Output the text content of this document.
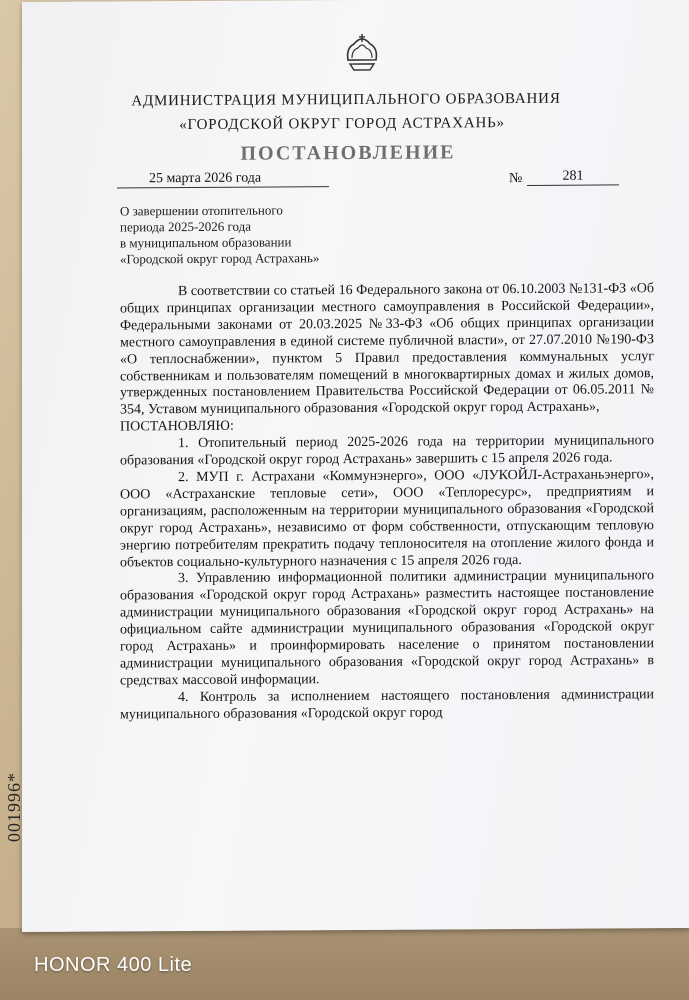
АДМИНИСТРАЦИЯ МУНИЦИПАЛЬНОГО ОБРАЗОВАНИЯ
«ГОРОДСКОЙ ОКРУГ ГОРОД АСТРАХАНЬ»
ПОСТАНОВЛЕНИЕ
25 марта 2026 года	№	281
О завершении отопительного
периода 2025-2026 года
в муниципальном образовании
«Городской округ город Астрахань»

В соответствии со статьей 16 Федерального закона от 06.10.2003 №131-ФЗ «Об общих принципах организации местного самоуправления в Российской Федерации», Федеральными законами от 20.03.2025 №33-ФЗ «Об общих принципах организации местного самоуправления в единой системе публичной власти», от 27.07.2010 №190-ФЗ «О теплоснабжении», пунктом 5 Правил предоставления коммунальных услуг собственникам и пользователям помещений в многоквартирных домах и жилых домов, утвержденных постановлением Правительства Российской Федерации от 06.05.2011 № 354, Уставом муниципального образования «Городской округ город Астрахань»,

ПОСТАНОВЛЯЮ:

1. Отопительный период 2025-2026 года на территории муниципального образования «Городской округ город Астрахань» завершить с 15 апреля 2026 года.

2. МУП г. Астрахани «Коммунэнерго», ООО «ЛУКОЙЛ-Астраханьэнерго», ООО «Астраханские тепловые сети», ООО «Теплоресурс», предприятиям и организациям, расположенным на территории муниципального образования «Городской округ город Астрахань», независимо от форм собственности, отпускающим тепловую энергию потребителям прекратить подачу теплоносителя на отопление жилого фонда и объектов социально-культурного назначения с 15 апреля 2026 года.

3. Управлению информационной политики администрации муниципального образования «Городской округ город Астрахань» разместить настоящее постановление администрации муниципального образования «Городской округ город Астрахань» на официальном сайте администрации муниципального образования «Городской округ город Астрахань» и проинформировать население о принятом постановлении администрации муниципального образования «Городской округ город Астрахань» в средствах массовой информации.

4. Контроль за исполнением настоящего постановления администрации муниципального образования «Городской округ город

001996*
HONOR 400 Lite
